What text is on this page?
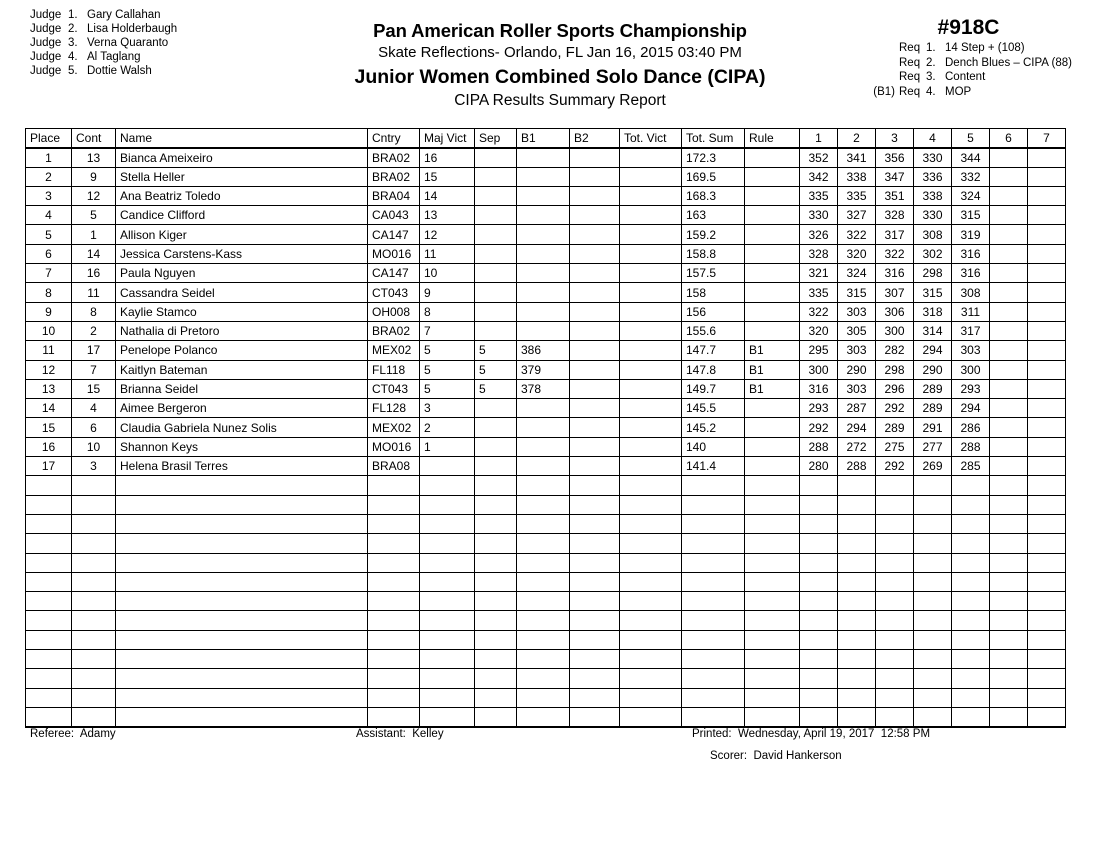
Judge 1. Gary Callahan
Judge 2. Lisa Holderbaugh
Judge 3. Verna Quaranto
Judge 4. Al Taglang
Judge 5. Dottie Walsh
Pan American Roller Sports Championship
Skate Reflections- Orlando, FL Jan 16, 2015 03:40 PM
Junior Women Combined Solo Dance (CIPA)
CIPA Results Summary Report
#918C
Req 1. 14 Step + (108)
Req 2. Dench Blues – CIPA (88)
Req 3. Content
(B1) Req 4. MOP
Place	Cont	Name	Cntry	Maj Vict	Sep	B1	B2	Tot. Vict	Tot. Sum	Rule	1	2	3	4	5	6	7
1	13	Bianca Ameixeiro	BRA02	16					172.3		352	341	356	330	344		
2	9	Stella Heller	BRA02	15					169.5		342	338	347	336	332		
3	12	Ana Beatriz Toledo	BRA04	14					168.3		335	335	351	338	324		
4	5	Candice Clifford	CA043	13					163		330	327	328	330	315		
5	1	Allison Kiger	CA147	12					159.2		326	322	317	308	319		
6	14	Jessica Carstens-Kass	MO016	11					158.8		328	320	322	302	316		
7	16	Paula Nguyen	CA147	10					157.5		321	324	316	298	316		
8	11	Cassandra Seidel	CT043	9					158		335	315	307	315	308		
9	8	Kaylie Stamco	OH008	8					156		322	303	306	318	311		
10	2	Nathalia di Pretoro	BRA02	7					155.6		320	305	300	314	317		
11	17	Penelope Polanco	MEX02	5	5	386			147.7	B1	295	303	282	294	303		
12	7	Kaitlyn Bateman	FL118	5	5	379			147.8	B1	300	290	298	290	300		
13	15	Brianna Seidel	CT043	5	5	378			149.7	B1	316	303	296	289	293		
14	4	Aimee Bergeron	FL128	3					145.5		293	287	292	289	294		
15	6	Claudia Gabriela Nunez Solis	MEX02	2					145.2		292	294	289	291	286		
16	10	Shannon Keys	MO016	1					140		288	272	275	277	288		
17	3	Helena Brasil Terres	BRA08						141.4		280	288	292	269	285		

Referee:  Adamy	Assistant:  Kelley	Printed:  Wednesday, April 19, 2017  12:58 PM
Scorer:  David Hankerson
